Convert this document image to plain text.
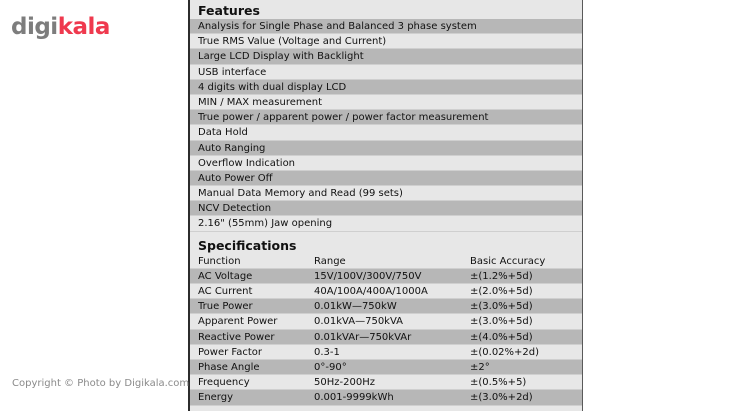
digikala
Features
Analysis for Single Phase and Balanced 3 phase system
True RMS Value (Voltage and Current)
Large LCD Display with Backlight
USB interface
4 digits with dual display LCD
MIN / MAX measurement
True power / apparent power / power factor measurement
Data Hold
Auto Ranging
Overflow Indication
Auto Power Off
Manual Data Memory and Read (99 sets)
NCV Detection
2.16" (55mm) Jaw opening
Specifications
Function	Range	Basic Accuracy
AC Voltage	15V/100V/300V/750V	±(1.2%+5d)
AC Current	40A/100A/400A/1000A	±(2.0%+5d)
True Power	0.01kW—750kW	±(3.0%+5d)
Apparent Power	0.01kVA—750kVA	±(3.0%+5d)
Reactive Power	0.01kVAr—750kVAr	±(4.0%+5d)
Power Factor	0.3-1	±(0.02%+2d)
Phase Angle	0°-90°	±2°
Frequency	50Hz-200Hz	±(0.5%+5)
Energy	0.001-9999kWh	±(3.0%+2d)
Copyright © Photo by Digikala.com
